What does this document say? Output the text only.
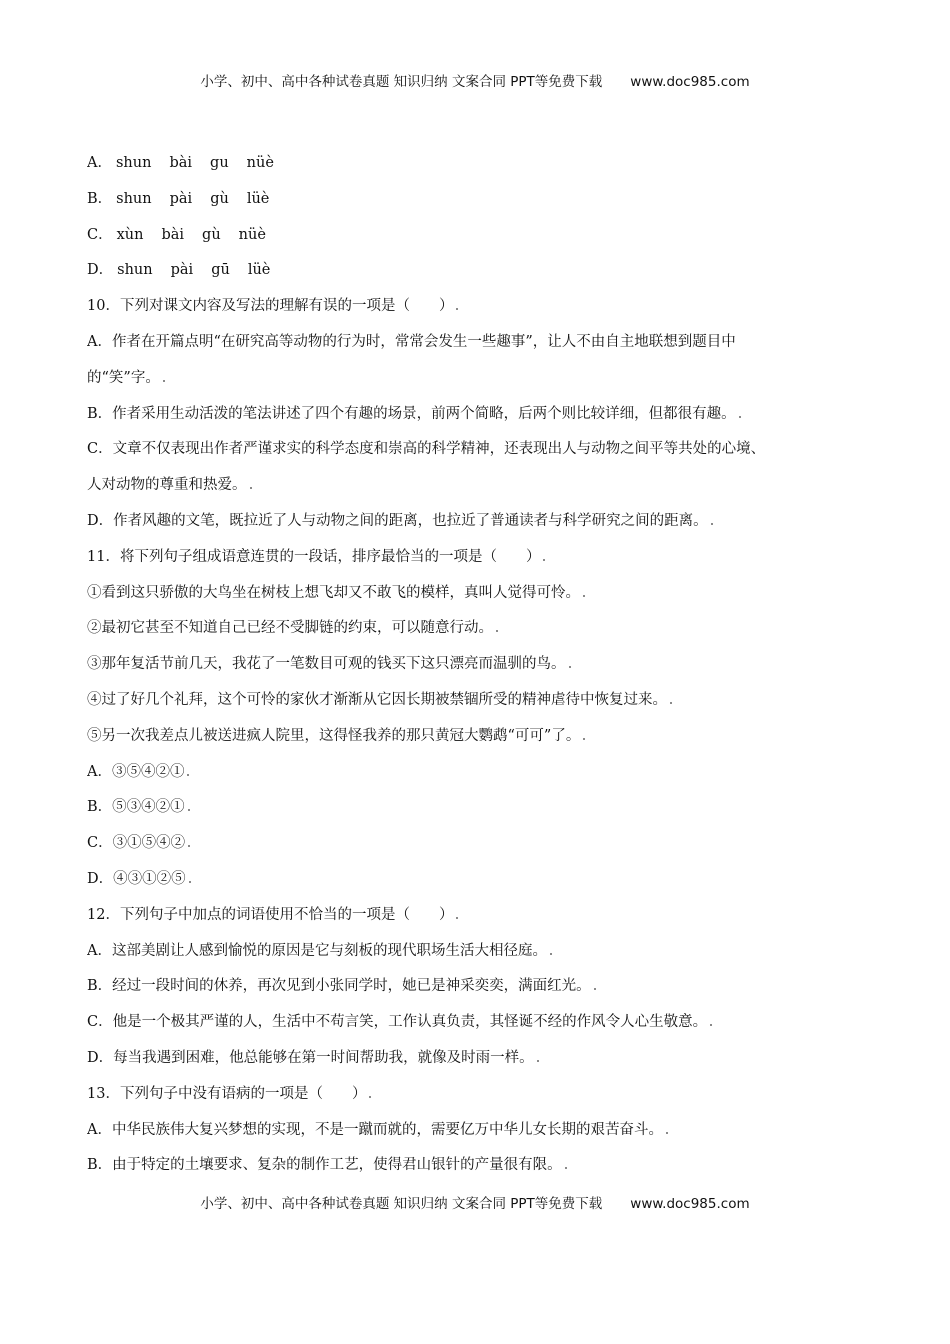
小学、初中、高中各种试卷真题 知识归纳 文案合同 PPT等免费下载 www.doc985.com
A． shun bài gu nüè
B． shun pài gù lüè
C． xùn bài gù nüè
D． shun pài gū lüè
10．下列对课文内容及写法的理解有误的一项是（　　）
A．作者在开篇点明“在研究高等动物的行为时，常常会发生一些趣事”，让人不由自主地联想到题目中
的“笑”字。
B．作者采用生动活泼的笔法讲述了四个有趣的场景，前两个简略，后两个则比较详细，但都很有趣。
C．文章不仅表现出作者严谨求实的科学态度和崇高的科学精神，还表现出人与动物之间平等共处的心境、
人对动物的尊重和热爱。
D．作者风趣的文笔，既拉近了人与动物之间的距离，也拉近了普通读者与科学研究之间的距离。
11．将下列句子组成语意连贯的一段话，排序最恰当的一项是（　　）
①看到这只骄傲的大鸟坐在树枝上想飞却又不敢飞的模样，真叫人觉得可怜。
②最初它甚至不知道自己已经不受脚链的约束，可以随意行动。
③那年复活节前几天，我花了一笔数目可观的钱买下这只漂亮而温驯的鸟。
④过了好几个礼拜，这个可怜的家伙才渐渐从它因长期被禁锢所受的精神虐待中恢复过来。
⑤另一次我差点儿被送进疯人院里，这得怪我养的那只黄冠大鹦鹉“可可”了。
A．③⑤④②①
B．⑤③④②①
C．③①⑤④②
D．④③①②⑤
12．下列句子中加点的词语使用不恰当的一项是（　　）
A．这部美剧让人感到愉悦的原因是它与刻板的现代职场生活大相径庭。
B．经过一段时间的休养，再次见到小张同学时，她已是神采奕奕，满面红光。
C．他是一个极其严谨的人，生活中不苟言笑，工作认真负责，其怪诞不经的作风令人心生敬意。
D．每当我遇到困难，他总能够在第一时间帮助我，就像及时雨一样。
13．下列句子中没有语病的一项是（　　）
A．中华民族伟大复兴梦想的实现，不是一蹴而就的，需要亿万中华儿女长期的艰苦奋斗。
B．由于特定的土壤要求、复杂的制作工艺，使得君山银针的产量很有限。
小学、初中、高中各种试卷真题 知识归纳 文案合同 PPT等免费下载 www.doc985.com
